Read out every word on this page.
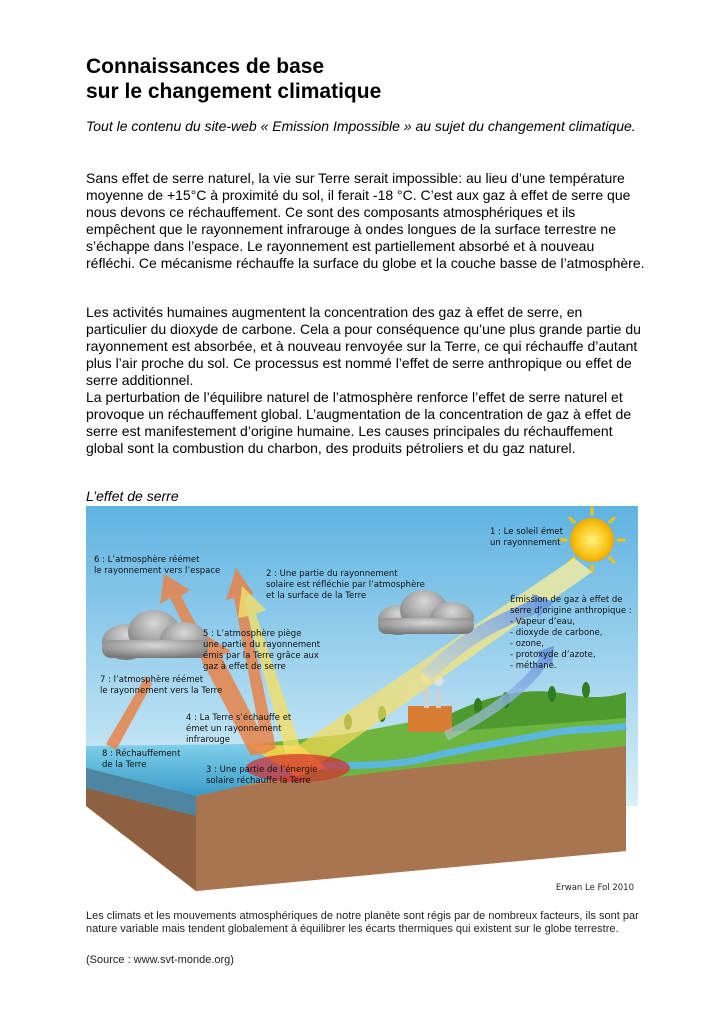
Connaissances de base
sur le changement climatique

Tout le contenu du site-web « Emission Impossible » au sujet du changement climatique.

Sans effet de serre naturel, la vie sur Terre serait impossible: au lieu d’une température moyenne de +15°C à proximité du sol, il ferait -18 °C. C’est aux gaz à effet de serre que nous devons ce réchauffement. Ce sont des composants atmosphériques et ils empêchent que le rayonnement infrarouge à ondes longues de la surface terrestre ne s’échappe dans l’espace. Le rayonnement est partiellement absorbé et à nouveau réfléchi. Ce mécanisme réchauffe la surface du globe et la couche basse de l’atmosphère.

Les activités humaines augmentent la concentration des gaz à effet de serre, en particulier du dioxyde de carbone. Cela a pour conséquence qu’une plus grande partie du rayonnement est absorbée, et à nouveau renvoyée sur la Terre, ce qui réchauffe d’autant plus l’air proche du sol. Ce processus est nommé l’effet de serre anthropique ou effet de serre additionnel.

La perturbation de l’équilibre naturel de l’atmosphère renforce l’effet de serre naturel et provoque un réchauffement global. L’augmentation de la concentration de gaz à effet de serre est manifestement d’origine humaine. Les causes principales du réchauffement global sont la combustion du charbon, des produits pétroliers et du gaz naturel.

L’effet de serre

1 : Le soleil émet
un rayonnement
6 : L’atmosphère réémet
le rayonnement vers l’espace	2 : Une partie du rayonnement
solaire est réfléchie par l’atmosphère
et la surface de la Terre	Émission de gaz à effet de
serre d’origine anthropique :
- Vapeur d’eau,
- dioxyde de carbone,
- ozone,
- protoxyde d’azote,
- méthane.
5 : L’atmosphère piège
une partie du rayonnement
émis par la Terre grâce aux
gaz à effet de serre
7 : l’atmosphère réémet
le rayonnement vers la Terre
4 : La Terre s’échauffe et
émet un rayonnement
infrarouge
8 : Réchauffement
de la Terre	3 : Une partie de l’énergie
solaire réchauffe la Terre
Erwan Le Fol 2010

Les climats et les mouvements atmosphériques de notre planète sont régis par de nombreux facteurs, ils sont par nature variable mais tendent globalement à équilibrer les écarts thermiques qui existent sur le globe terrestre.

(Source : www.svt-monde.org)
